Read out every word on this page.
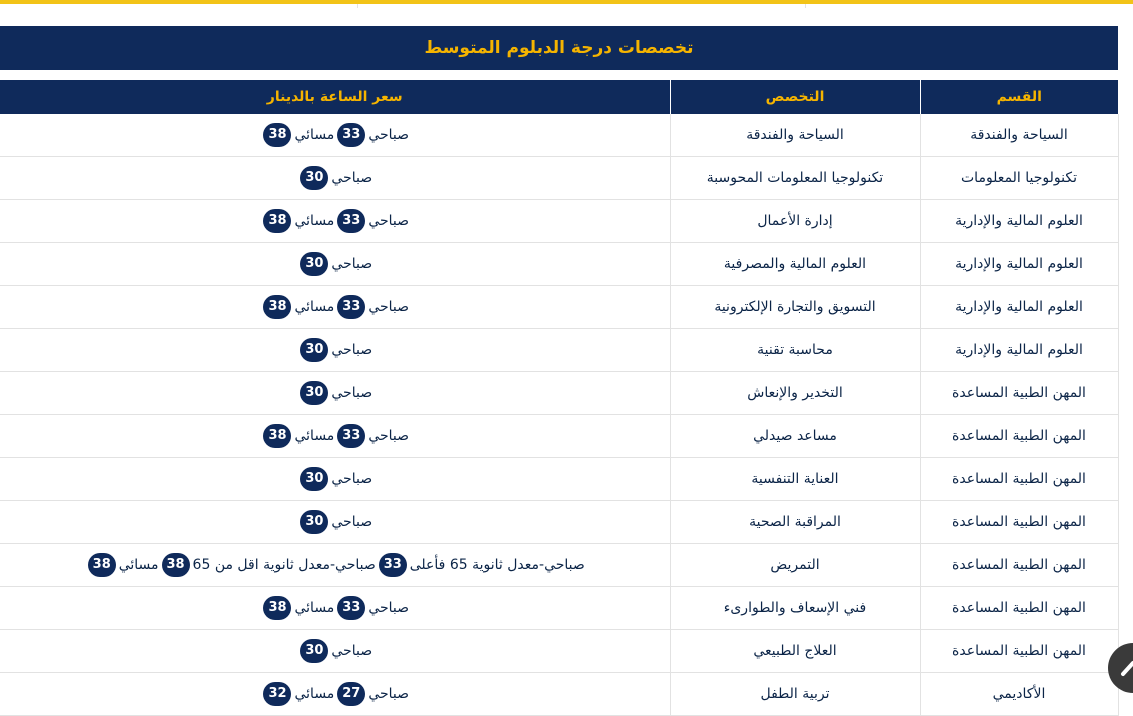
تخصصات درجة الدبلوم المتوسط
القسم	التخصص	سعر الساعة بالدينار
السياحة والفندقة	السياحة والفندقة	صباحي33مسائي38
تكنولوجيا المعلومات	تكنولوجيا المعلومات المحوسبة	صباحي30
العلوم المالية والإدارية	إدارة الأعمال	صباحي33مسائي38
العلوم المالية والإدارية	العلوم المالية والمصرفية	صباحي30
العلوم المالية والإدارية	التسويق والتجارة الإلكترونية	صباحي33مسائي38
العلوم المالية والإدارية	محاسبة تقنية	صباحي30
المهن الطبية المساعدة	التخدير والإنعاش	صباحي30
المهن الطبية المساعدة	مساعد صيدلي	صباحي33مسائي38
المهن الطبية المساعدة	العناية التنفسية	صباحي30
المهن الطبية المساعدة	المراقبة الصحية	صباحي30
المهن الطبية المساعدة	التمريض	صباحي-معدل ثانوية 65 فأعلى33صباحي-معدل ثانوية اقل من 6538مسائي38
المهن الطبية المساعدة	فني الإسعاف والطوارىء	صباحي33مسائي38
المهن الطبية المساعدة	العلاج الطبيعي	صباحي30
الأكاديمي	تربية الطفل	صباحي27مسائي32
